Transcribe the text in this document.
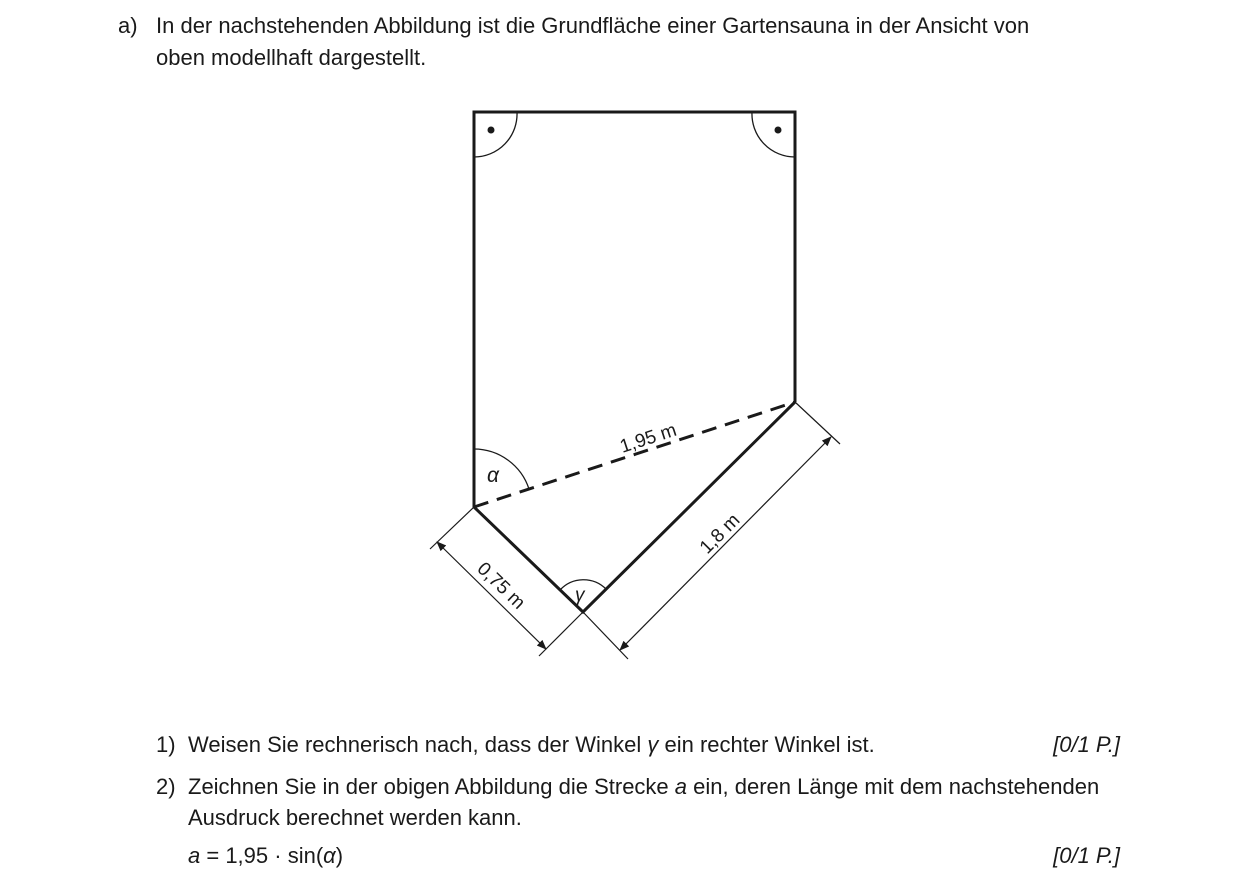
a) In der nachstehenden Abbildung ist die Grundfläche einer Gartensauna in der Ansicht von
oben modellhaft dargestellt.
α
γ
0,75 m
1,8 m
1,95 m
1) Weisen Sie rechnerisch nach, dass der Winkel γ ein rechter Winkel ist.	[0/1 P.]
2) Zeichnen Sie in der obigen Abbildung die Strecke a ein, deren Länge mit dem nachstehenden
Ausdruck berechnet werden kann.
a = 1,95 · sin(α)	[0/1 P.]
